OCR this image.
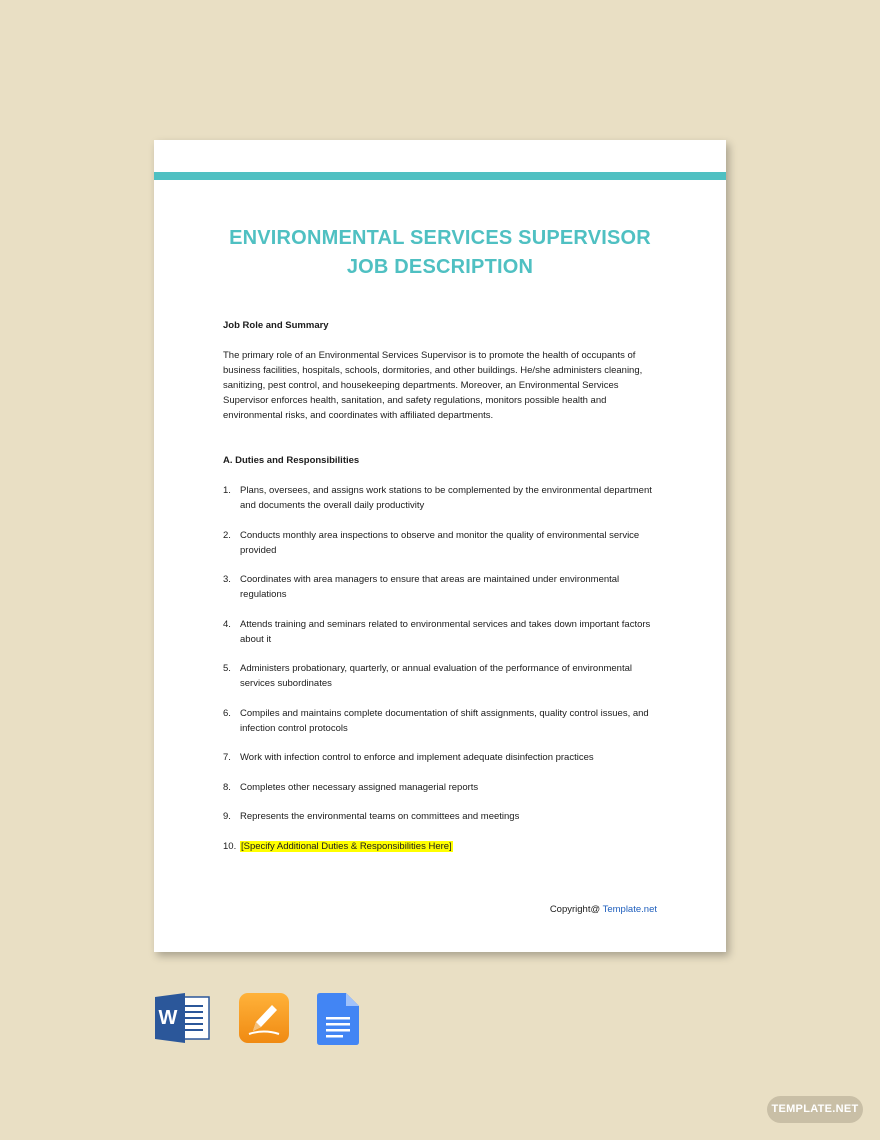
ENVIRONMENTAL SERVICES SUPERVISOR
JOB DESCRIPTION

Job Role and Summary

The primary role of an Environmental Services Supervisor is to promote the health of occupants of business facilities, hospitals, schools, dormitories, and other buildings. He/she administers cleaning, sanitizing, pest control, and housekeeping departments. Moreover, an Environmental Services Supervisor enforces health, sanitation, and safety regulations, monitors possible health and environmental risks, and coordinates with affiliated departments.

A. Duties and Responsibilities

1. Plans, oversees, and assigns work stations to be complemented by the environmental department and documents the overall daily productivity
2. Conducts monthly area inspections to observe and monitor the quality of environmental service provided
3. Coordinates with area managers to ensure that areas are maintained under environmental regulations
4. Attends training and seminars related to environmental services and takes down important factors about it
5. Administers probationary, quarterly, or annual evaluation of the performance of environmental services subordinates
6. Compiles and maintains complete documentation of shift assignments, quality control issues, and infection control protocols
7. Work with infection control to enforce and implement adequate disinfection practices
8. Completes other necessary assigned managerial reports
9. Represents the environmental teams on committees and meetings
10. [Specify Additional Duties & Responsibilities Here]
Copyright@ Template.net
W
TEMPLATE.NET
